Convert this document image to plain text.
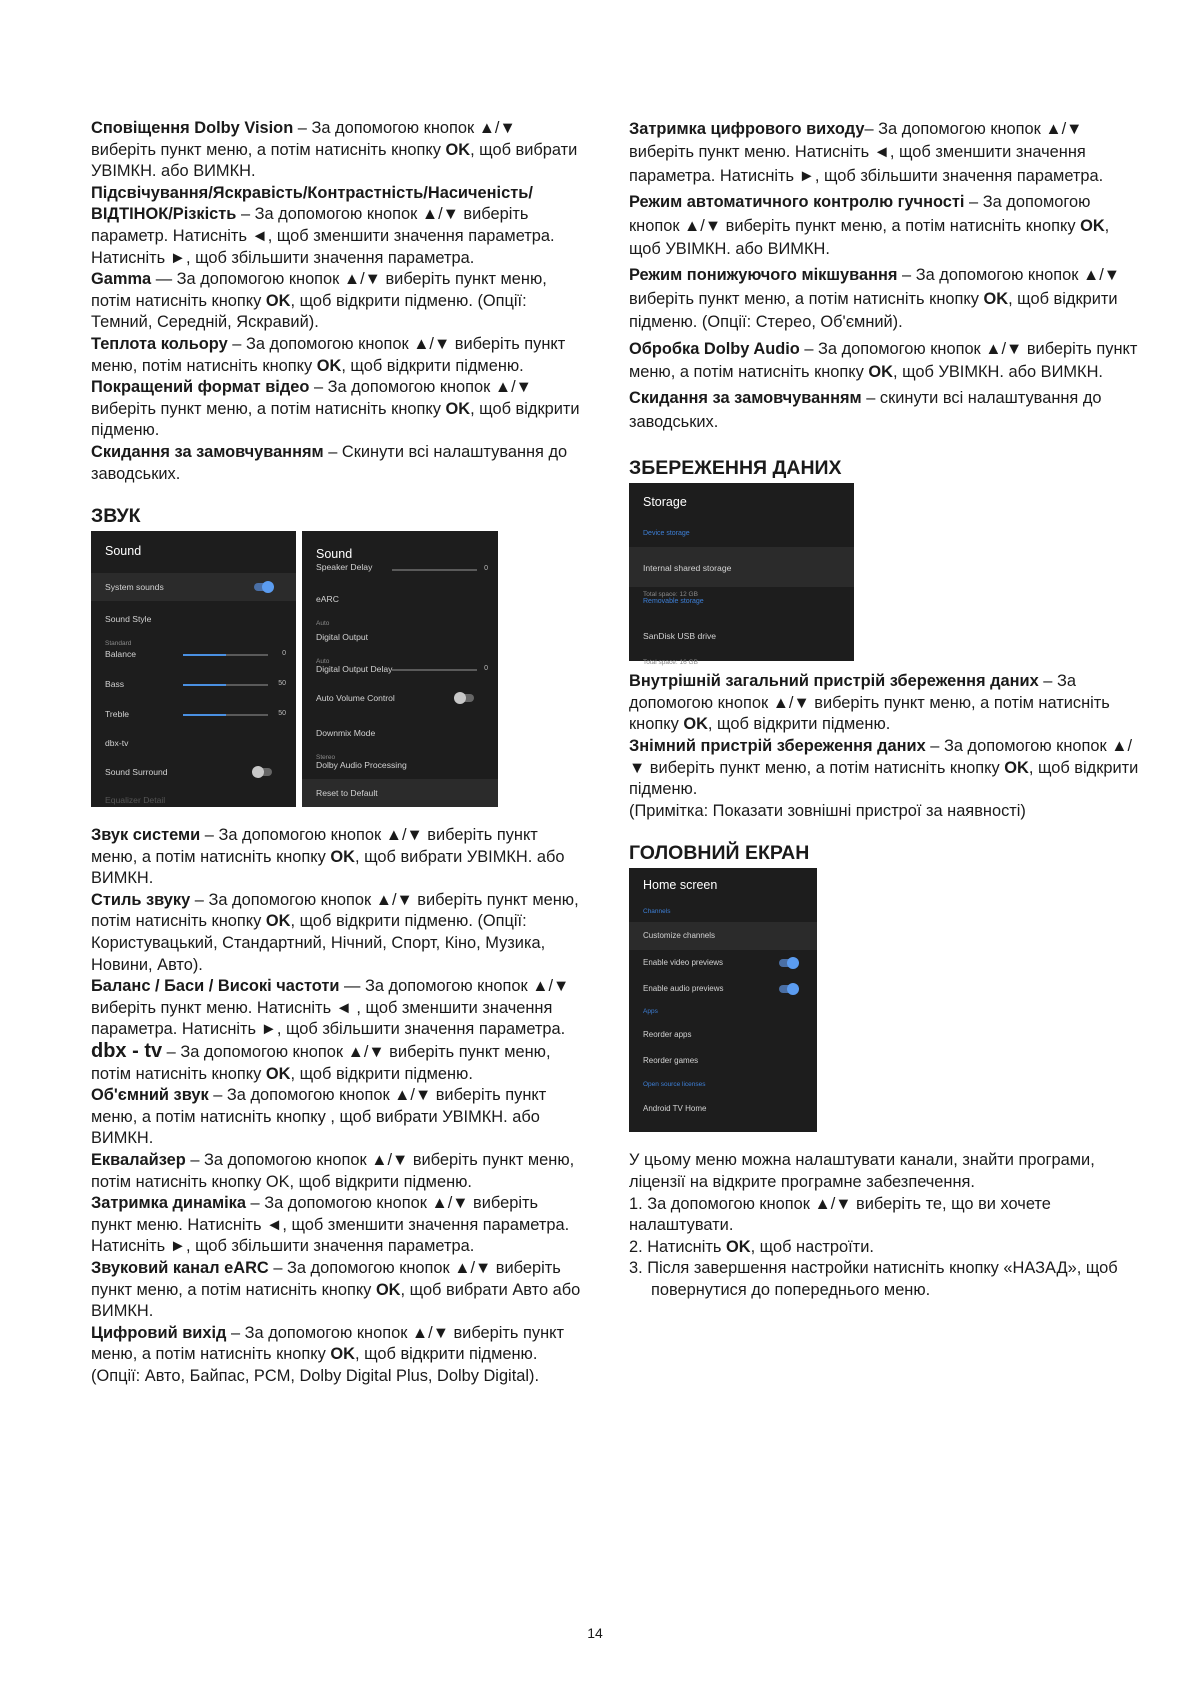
Сповіщення Dolby Vision – За допомогою кнопок ▲/▼ виберіть пункт меню, а потім натисніть кнопку OK, щоб вибрати УВІМКН. або ВИМКН.

Підсвічування/Яскравість/Контрастність/Насиченість/ВІДТІНОК/Різкість – За допомогою кнопок ▲/▼ виберіть параметр. Натисніть ◄, щоб зменшити значення параметра. Натисніть ►, щоб збільшити значення параметра.

Gamma — За допомогою кнопок ▲/▼ виберіть пункт меню, потім натисніть кнопку OK, щоб відкрити підменю. (Опції: Темний, Середній, Яскравий).

Теплота кольору – За допомогою кнопок ▲/▼ виберіть пункт меню, потім натисніть кнопку OK, щоб відкрити підменю.

Покращений формат відео – За допомогою кнопок ▲/▼ виберіть пункт меню, а потім натисніть кнопку OK, щоб відкрити підменю.

Скидання за замовчуванням – Скинути всі налаштування до заводських.

ЗВУК
Sound
System sounds
Sound Style
Standard
Balance	0
Bass	50
Treble	50
dbx-tv
Sound Surround
Equalizer Detail
Sound
Speaker Delay	0
eARC
Auto
Digital Output
Auto
Digital Output Delay	0
Auto Volume Control
Downmix Mode
Stereo
Dolby Audio Processing
Reset to Default

Звук системи – За допомогою кнопок ▲/▼ виберіть пункт меню, а потім натисніть кнопку OK, щоб вибрати УВІМКН. або ВИМКН.

Стиль звуку – За допомогою кнопок ▲/▼ виберіть пункт меню, потім натисніть кнопку OK, щоб відкрити підменю. (Опції: Користувацький, Стандартний, Нічний, Спорт, Кіно, Музика, Новини, Авто).

Баланс / Баси / Високі частоти — За допомогою кнопок ▲/▼ виберіть пункт меню. Натисніть ◄ , щоб зменшити значення параметра. Натисніть ►, щоб збільшити значення параметра.

dbx - tv – За допомогою кнопок ▲/▼ виберіть пункт меню, потім натисніть кнопку OK, щоб відкрити підменю.

Об'ємний звук – За допомогою кнопок ▲/▼ виберіть пункт меню, а потім натисніть кнопку , щоб вибрати УВІМКН. або ВИМКН.

Еквалайзер – За допомогою кнопок ▲/▼ виберіть пункт меню, потім натисніть кнопку OK, щоб відкрити підменю.

Затримка динаміка – За допомогою кнопок ▲/▼ виберіть пункт меню. Натисніть ◄, щоб зменшити значення параметра. Натисніть ►, щоб збільшити значення параметра.

Звуковий канал eARC – За допомогою кнопок ▲/▼ виберіть пункт меню, а потім натисніть кнопку OK, щоб вибрати Авто або ВИМКН.

Цифровий вихід – За допомогою кнопок ▲/▼ виберіть пункт меню, а потім натисніть кнопку OK, щоб відкрити підменю. (Опції: Авто, Байпас, PCM, Dolby Digital Plus, Dolby Digital).

Затримка цифрового виходу– За допомогою кнопок ▲/▼ виберіть пункт меню. Натисніть ◄, щоб зменшити значення параметра. Натисніть ►, щоб збільшити значення параметра.

Режим автоматичного контролю гучності – За допомогою кнопок ▲/▼ виберіть пункт меню, а потім натисніть кнопку OK, щоб УВІМКН. або ВИМКН.

Режим понижуючого мікшування – За допомогою кнопок ▲/▼ виберіть пункт меню, а потім натисніть кнопку OK, щоб відкрити підменю. (Опції: Стерео, Об'ємний).

Обробка Dolby Audio – За допомогою кнопок ▲/▼ виберіть пункт меню, а потім натисніть кнопку OK, щоб УВІМКН. або ВИМКН.

Скидання за замовчуванням – скинути всі налаштування до заводських.

ЗБЕРЕЖЕННЯ ДАНИХ
Storage
Device storage
Internal shared storage
Total space: 12 GB
Removable storage
SanDisk USB drive
Total space: 16 GB

Внутрішній загальний пристрій збереження даних – За допомогою кнопок ▲/▼ виберіть пункт меню, а потім натисніть кнопку OK, щоб відкрити підменю.

Знімний пристрій збереження даних – За допомогою кнопок ▲/▼ виберіть пункт меню, а потім натисніть кнопку OK, щоб відкрити підменю.

(Примітка: Показати зовнішні пристрої за наявності)

ГОЛОВНИЙ ЕКРАН
Home screen
Channels
Customize channels
Enable video previews
Enable audio previews
Apps
Reorder apps
Reorder games
Open source licenses
Android TV Home

У цьому меню можна налаштувати канали, знайти програми, ліцензії на відкрите програмне забезпечення.

1. За допомогою кнопок ▲/▼ виберіть те, що ви хочете налаштувати.

2. Натисніть OK, щоб настроїти.

3. Після завершення настройки натисніть кнопку «НАЗАД», щоб повернутися до попереднього меню.

14
